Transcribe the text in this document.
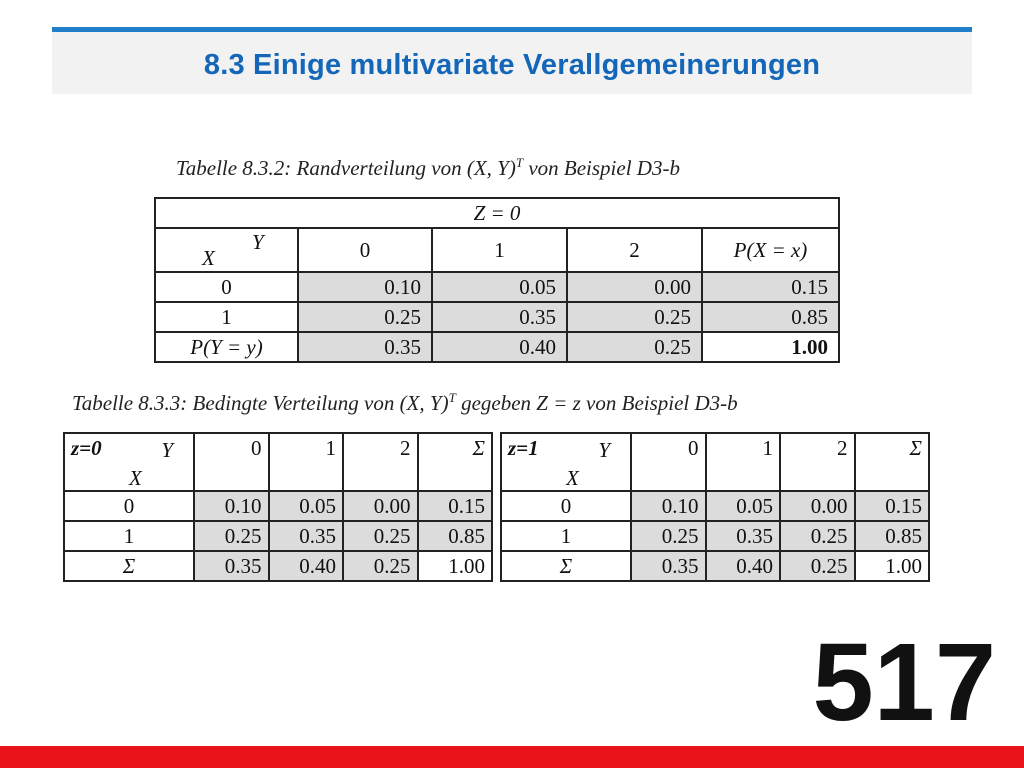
8.3 Einige multivariate Verallgemeinerungen
Tabelle 8.3.2: Randverteilung von (X, Y)$^T$ von Beispiel D3-b
Z = 0				

Y
X	0	1	2	P(X = x)
0	0.10	0.05	0.00	0.15
1	0.25	0.35	0.25	0.85
P(Y = y)	0.35	0.40	0.25	1.00
Tabelle 8.3.3: Bedingte Verteilung von (X, Y)$^T$ gegeben Z = z von Beispiel D3-b
z=0 Y
X	0	1	2	Σ
0	0.10	0.05	0.00	0.15
1	0.25	0.35	0.25	0.85
Σ	0.35	0.40	0.25	1.00
z=1 Y
X	0	1	2	Σ
0	0.10	0.05	0.00	0.15
1	0.25	0.35	0.25	0.85
Σ	0.35	0.40	0.25	1.00
517
